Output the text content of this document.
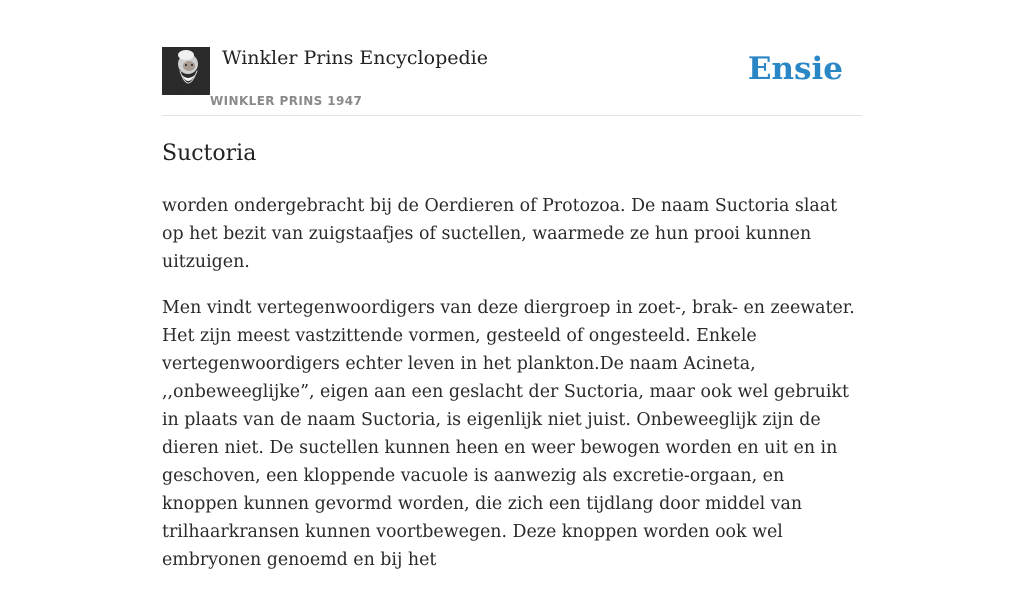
Winkler Prins Encyclopedie
WINKLER PRINS 1947
Ensie
Suctoria

worden ondergebracht bij de Oerdieren of Protozoa. De naam Suctoria slaat op het bezit van zuigstaafjes of suctellen, waarmede ze hun prooi kunnen uitzuigen.

Men vindt vertegenwoordigers van deze diergroep in zoet-, brak- en zeewater. Het zijn meest vastzittende vormen, gesteeld of ongesteeld. Enkele vertegenwoordigers echter leven in het plankton.De naam Acineta, ,,onbeweeglijke”, eigen aan een geslacht der Suctoria, maar ook wel gebruikt in plaats van de naam Suctoria, is eigenlijk niet juist. Onbeweeglijk zijn de dieren niet. De suctellen kunnen heen en weer bewogen worden en uit en in geschoven, een kloppende vacuole is aanwezig als excretie-orgaan, en knoppen kunnen gevormd worden, die zich een tijdlang door middel van trilhaarkransen kunnen voortbewegen. Deze knoppen worden ook wel embryonen genoemd en bij het
